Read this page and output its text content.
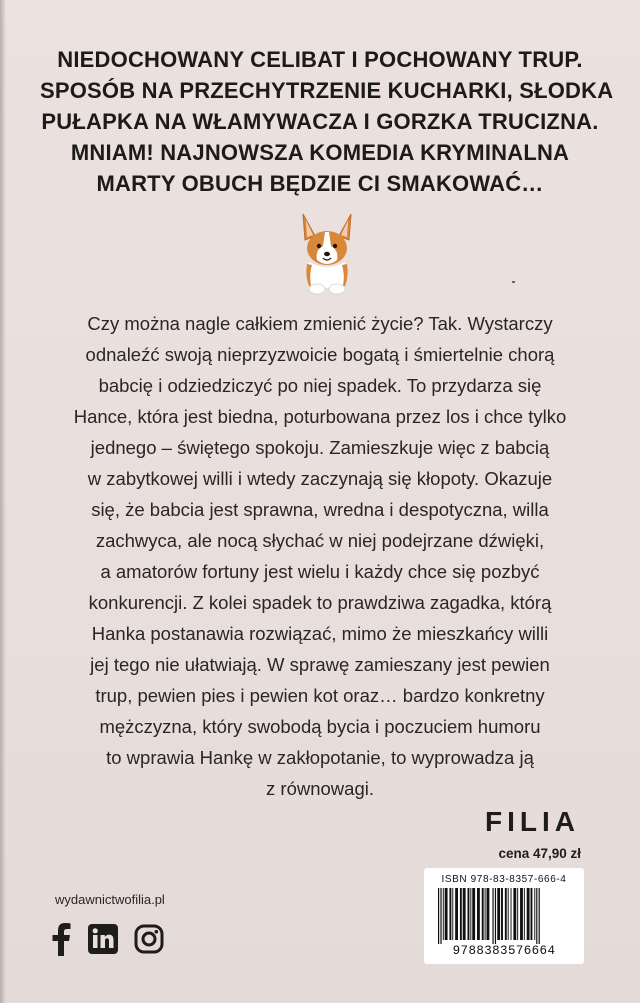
NIEDOCHOWANY CELIBAT I POCHOWANY TRUP.
SPOSÓB NA PRZECHYTRZENIE KUCHARKI, SŁODKA
PUŁAPKA NA WŁAMYWACZA I GORZKA TRUCIZNA.
MNIAM! NAJNOWSZA KOMEDIA KRYMINALNA
MARTY OBUCH BĘDZIE CI SMAKOWAĆ…
Czy można nagle całkiem zmienić życie? Tak. Wystarczy
odnaleźć swoją nieprzyzwoicie bogatą i śmiertelnie chorą
babcię i odziedziczyć po niej spadek. To przydarza się
Hance, która jest biedna, poturbowana przez los i chce tylko
jednego – świętego spokoju. Zamieszkuje więc z babcią
w zabytkowej willi i wtedy zaczynają się kłopoty. Okazuje
się, że babcia jest sprawna, wredna i despotyczna, willa
zachwyca, ale nocą słychać w niej podejrzane dźwięki,
a amatorów fortuny jest wielu i każdy chce się pozbyć
konkurencji. Z kolei spadek to prawdziwa zagadka, którą
Hanka postanawia rozwiązać, mimo że mieszkańcy willi
jej tego nie ułatwiają. W sprawę zamieszany jest pewien
trup, pewien pies i pewien kot oraz… bardzo konkretny
mężczyzna, który swobodą bycia i poczuciem humoru
to wprawia Hankę w zakłopotanie, to wyprowadza ją
z równowagi.
FILIA
cena 47,90 zł
wydawnictwofilia.pl
ISBN 978-83-8357-666-4
9788383576664
